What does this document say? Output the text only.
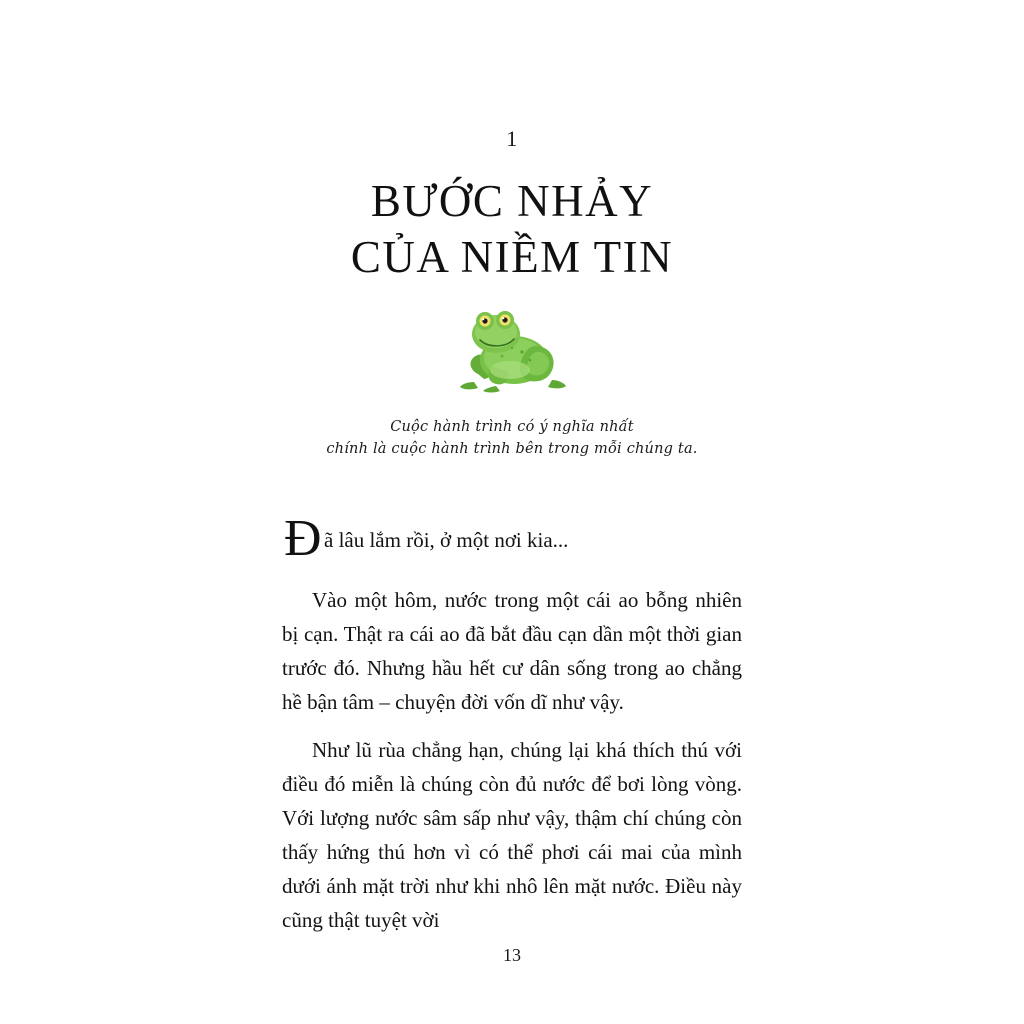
1
BƯỚC NHẢY
CỦA NIỀM TIN
Cuộc hành trình có ý nghĩa nhất
chính là cuộc hành trình bên trong mỗi chúng ta.

Đ ã lâu lắm rồi, ở một nơi kia...

Vào một hôm, nước trong một cái ao bỗng nhiên bị cạn. Thật ra cái ao đã bắt đầu cạn dần một thời gian trước đó. Nhưng hầu hết cư dân sống trong ao chẳng hề bận tâm – chuyện đời vốn dĩ như vậy.

Như lũ rùa chẳng hạn, chúng lại khá thích thú với điều đó miễn là chúng còn đủ nước để bơi lòng vòng. Với lượng nước sâm sấp như vậy, thậm chí chúng còn thấy hứng thú hơn vì có thể phơi cái mai của mình dưới ánh mặt trời như khi nhô lên mặt nước. Điều này cũng thật tuyệt vời

13
